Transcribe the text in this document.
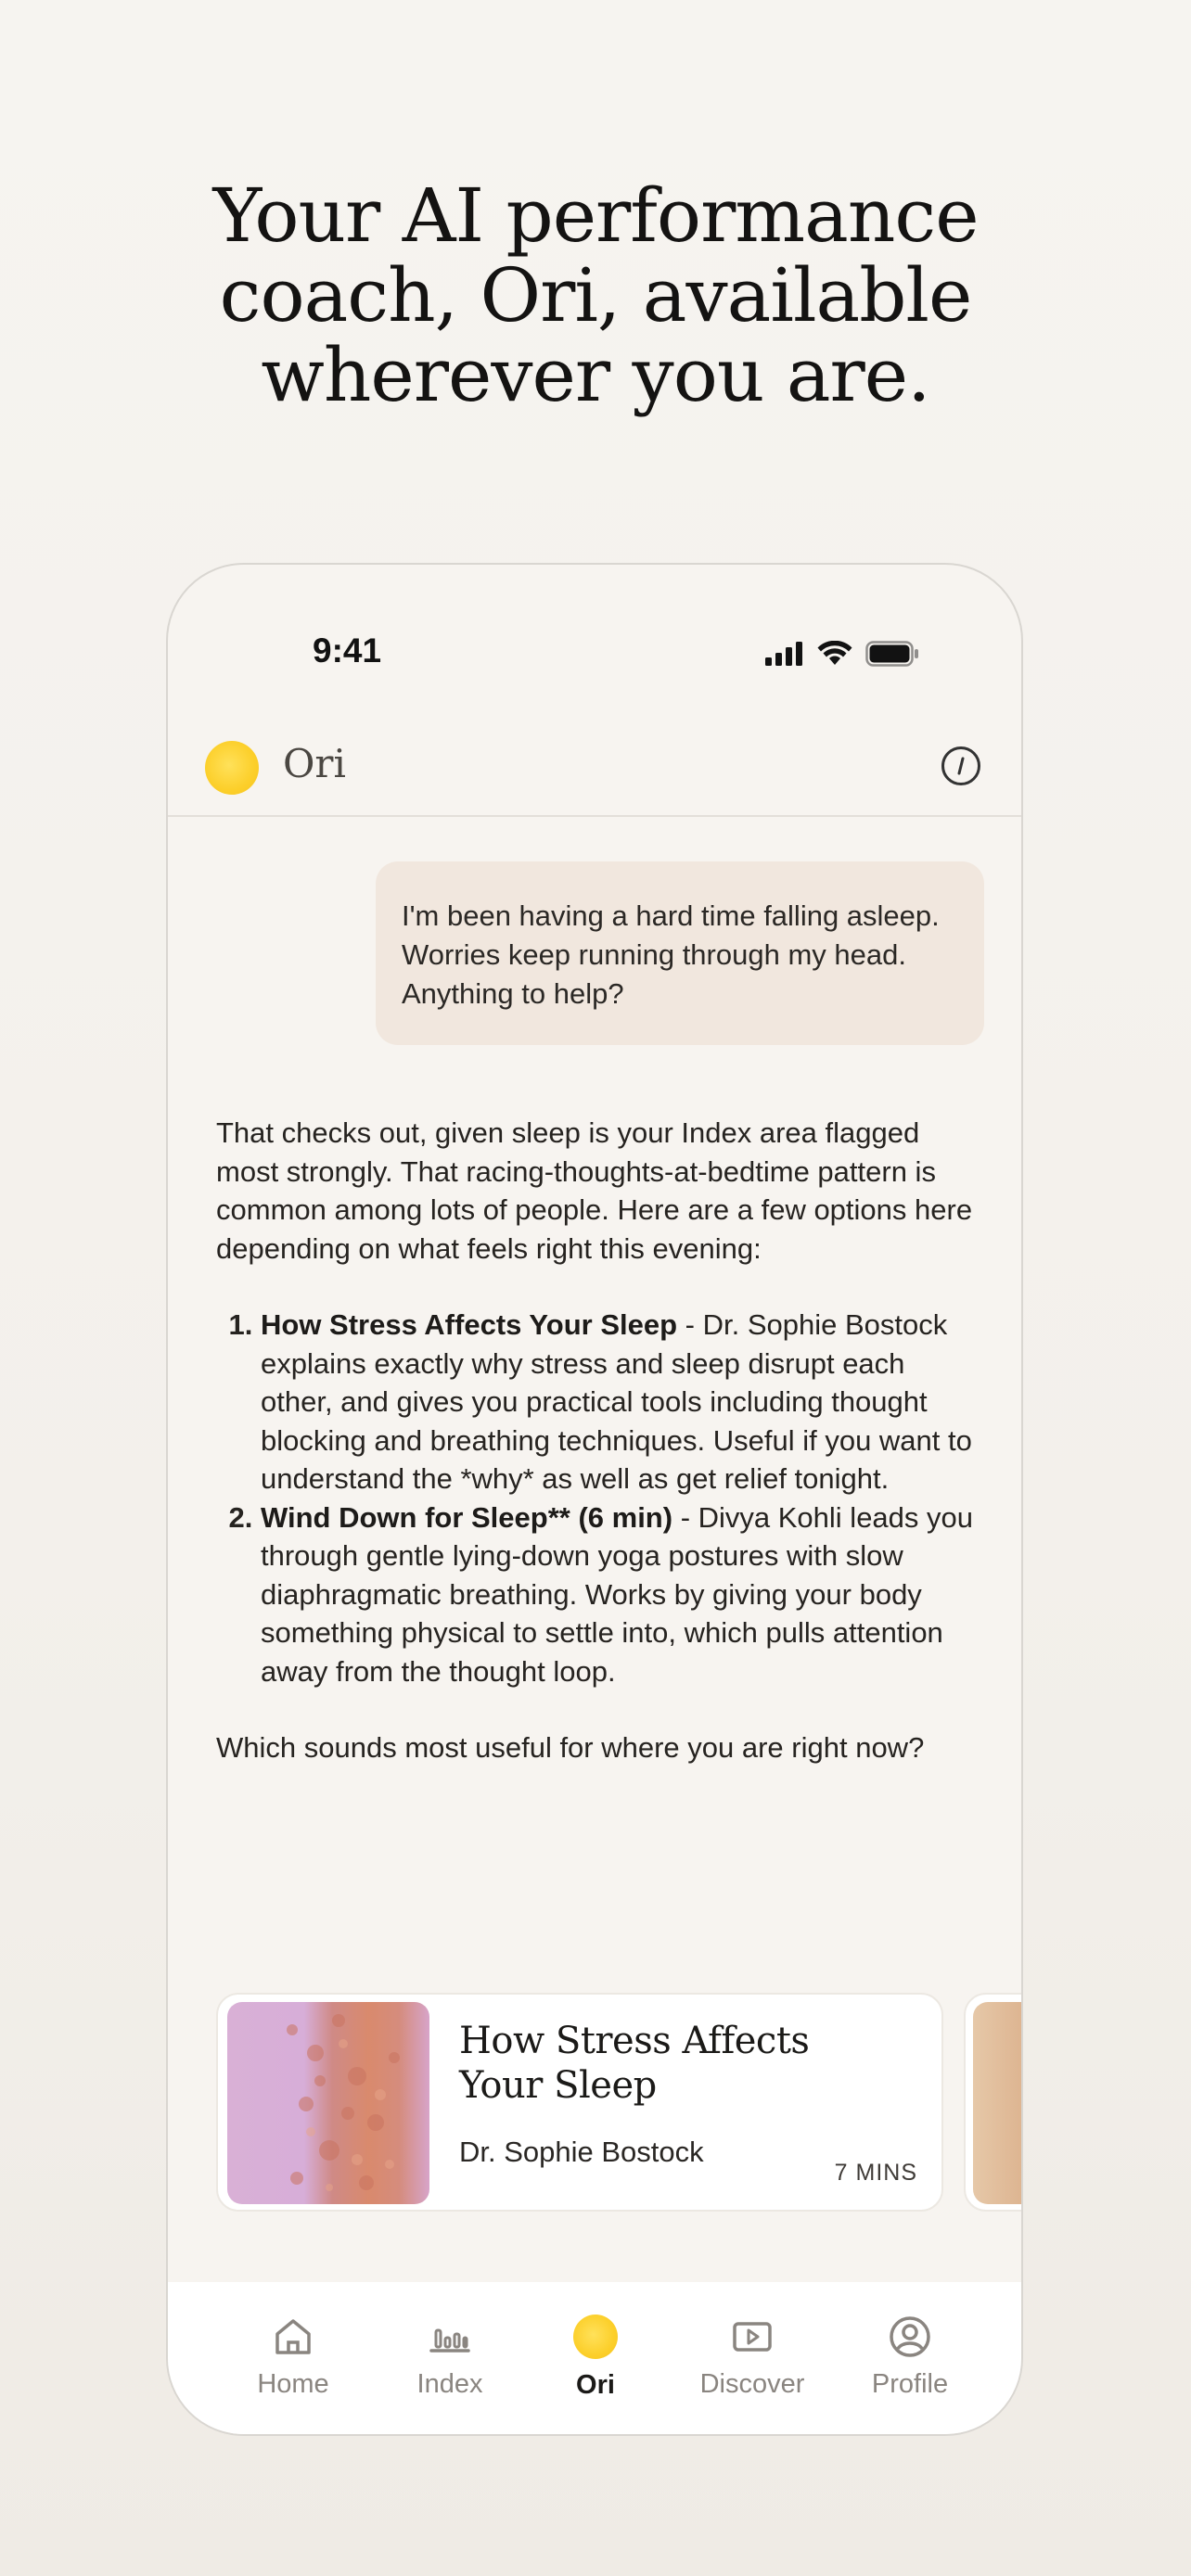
Your AI performance
coach, Ori, available
wherever you are.
9:41
Ori
I'm been having a hard time falling asleep. Worries keep running through my head. Anything to help?

That checks out, given sleep is your Index area flagged most strongly. That racing-thoughts-at-bedtime pattern is common among lots of people. Here are a few options here depending on what feels right this evening:

1. How Stress Affects Your Sleep - Dr. Sophie Bostock explains exactly why stress and sleep disrupt each other, and gives you practical tools including thought blocking and breathing techniques. Useful if you want to understand the *why* as well as get relief tonight.
2. Wind Down for Sleep** (6 min) - Divya Kohli leads you through gentle lying-down yoga postures with slow diaphragmatic breathing. Works by giving your body something physical to settle into, which pulls attention away from the thought loop.

Which sounds most useful for where you are right now?

How Stress Affects Your Sleep
Dr. Sophie Bostock
7 MINS
Home	Index	Ori	Discover	Profile
